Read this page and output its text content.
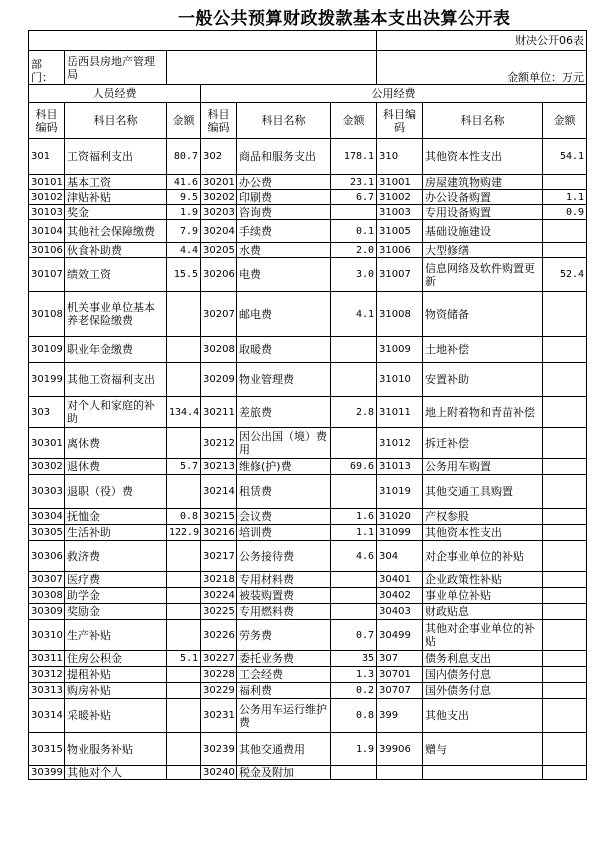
一般公共预算财政拨款基本支出决算公开表
						财决公开06表		
部门：	岳西县房地产管理局					金额单位：万元		
人员经费			公用经费					
科目编码	科目名称	金额	科目编码	科目名称	金额	科目编码	科目名称	金额
301	工资福利支出	80.7	302	商品和服务支出	178.1	310	其他资本性支出	54.1
30101	基本工资	41.6	30201	办公费	23.1	31001	房屋建筑物购建	
30102	津贴补贴	9.5	30202	印刷费	6.7	31002	办公设备购置	1.1
30103	奖金	1.9	30203	咨询费		31003	专用设备购置	0.9
30104	其他社会保障缴费	7.9	30204	手续费	0.1	31005	基础设施建设	
30106	伙食补助费	4.4	30205	水费	2.0	31006	大型修缮	
30107	绩效工资	15.5	30206	电费	3.0	31007	信息网络及软件购置更新	52.4
30108	机关事业单位基本养老保险缴费		30207	邮电费	4.1	31008	物资储备	
30109	职业年金缴费		30208	取暖费		31009	土地补偿	
30199	其他工资福利支出		30209	物业管理费		31010	安置补助	
303	对个人和家庭的补助	134.4	30211	差旅费	2.8	31011	地上附着物和青苗补偿	
30301	离休费		30212	因公出国（境）费用		31012	拆迁补偿	
30302	退休费	5.7	30213	维修(护)费	69.6	31013	公务用车购置	
30303	退职（役）费		30214	租赁费		31019	其他交通工具购置	
30304	抚恤金	0.8	30215	会议费	1.6	31020	产权参股	
30305	生活补助	122.9	30216	培训费	1.1	31099	其他资本性支出	
30306	救济费		30217	公务接待费	4.6	304	对企事业单位的补贴	
30307	医疗费		30218	专用材料费		30401	企业政策性补贴	
30308	助学金		30224	被装购置费		30402	事业单位补贴	
30309	奖励金		30225	专用燃料费		30403	财政贴息	
30310	生产补贴		30226	劳务费	0.7	30499	其他对企事业单位的补贴	
30311	住房公积金	5.1	30227	委托业务费	35	307	债务利息支出	
30312	提租补贴		30228	工会经费	1.3	30701	国内债务付息	
30313	购房补贴		30229	福利费	0.2	30707	国外债务付息	
30314	采暖补贴		30231	公务用车运行维护费	0.8	399	其他支出	
30315	物业服务补贴		30239	其他交通费用	1.9	39906	赠与	
30399	其他对个人		30240	税金及附加				
